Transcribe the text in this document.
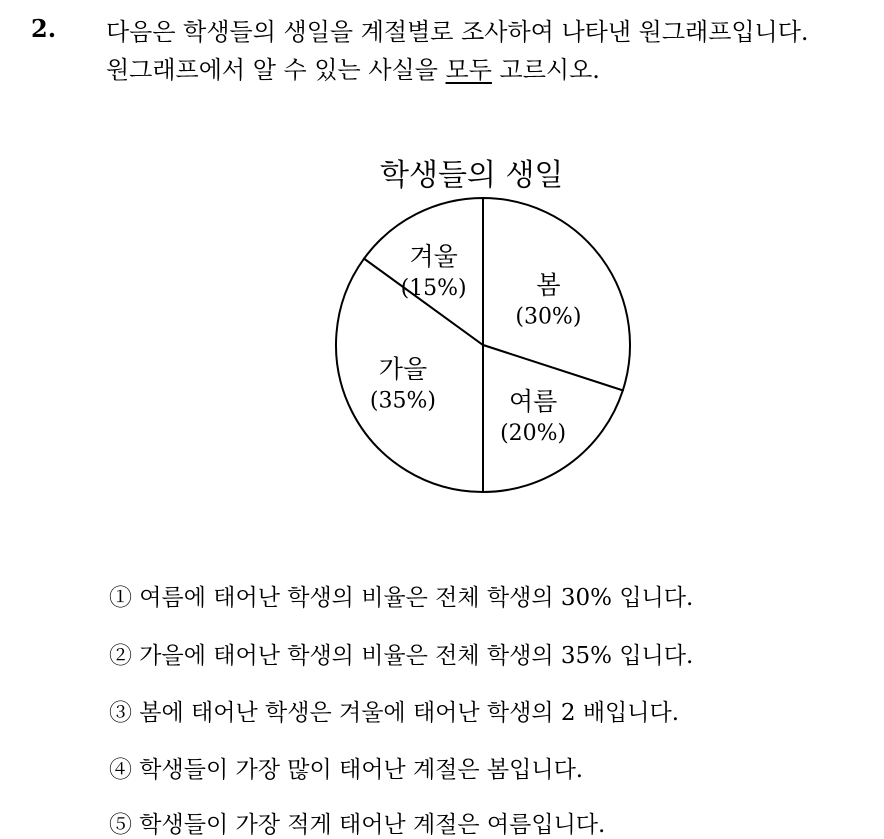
2. 다음은 학생들의 생일을 계절별로 조사하여 나타낸 원그래프입니다.
원그래프에서 알 수 있는 사실을 모두 고르시오.
학생들의 생일
봄
(30%)
여름
(20%)
가을
(35%)
겨울
(15%)
① 여름에 태어난 학생의 비율은 전체 학생의 30% 입니다.
② 가을에 태어난 학생의 비율은 전체 학생의 35% 입니다.
③ 봄에 태어난 학생은 겨울에 태어난 학생의 2 배입니다.
④ 학생들이 가장 많이 태어난 계절은 봄입니다.
⑤ 학생들이 가장 적게 태어난 계절은 여름입니다.
